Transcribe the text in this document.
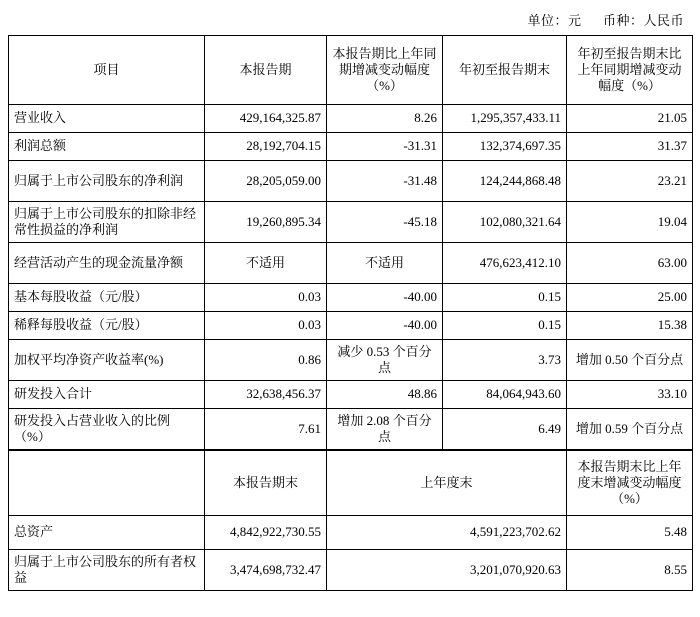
单位：元 币种：人民币
项目	本报告期	本报告期比上年同期增减变动幅度（%）	年初至报告期末	年初至报告期末比上年同期增减变动幅度（%）
营业收入	429,164,325.87	8.26	1,295,357,433.11	21.05
利润总额	28,192,704.15	-31.31	132,374,697.35	31.37
归属于上市公司股东的净利润	28,205,059.00	-31.48	124,244,868.48	23.21
归属于上市公司股东的扣除非经常性损益的净利润	19,260,895.34	-45.18	102,080,321.64	19.04
经营活动产生的现金流量净额	不适用	不适用	476,623,412.10	63.00
基本每股收益（元/股）	0.03	-40.00	0.15	25.00
稀释每股收益（元/股）	0.03	-40.00	0.15	15.38
加权平均净资产收益率(%)	0.86	减少 0.53 个百分点	3.73	增加 0.50 个百分点
研发投入合计	32,638,456.37	48.86	84,064,943.60	33.10
研发投入占营业收入的比例（%）	7.61	增加 2.08 个百分点	6.49	增加 0.59 个百分点
	本报告期末	上年度末	本报告期末比上年度末增减变动幅度（%）
总资产	4,842,922,730.55	4,591,223,702.62	5.48
归属于上市公司股东的所有者权益	3,474,698,732.47	3,201,070,920.63	8.55
